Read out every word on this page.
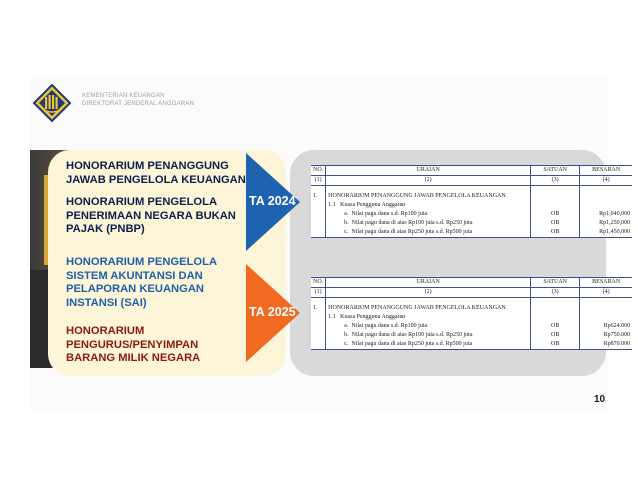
KEMENTERIAN KEUANGAN
DIREKTORAT JENDERAL ANGGARAN
HONORARIUM PENANGGUNG
JAWAB PENGELOLA KEUANGAN
HONORARIUM PENGELOLA
PENERIMAAN NEGARA BUKAN
PAJAK (PNBP)
HONORARIUM PENGELOLA
SISTEM AKUNTANSI DAN
PELAPORAN KEUANGAN
INSTANSI (SAI)
HONORARIUM
PENGURUS/PENYIMPAN
BARANG MILIK NEGARA
NO.	URAIAN	SATUAN	BESARAN
(1)	(2)	(3)	(4)

1.	HONORARIUM PENANGGUNG JAWAB PENGELOLA KEUANGAN		
	1.1 Kuasa Pengguna Anggaran		
	a. Nilai pagu dana s.d. Rp100 juta	OB	Rp1,040,000
	b. Nilai pagu dana di atas Rp100 juta s.d. Rp250 juta	OB	Rp1,250,000
	c. Nilai pagu dana di atas Rp250 juta s.d. Rp500 juta	OB	Rp1,450,000
NO.	URAIAN	SATUAN	BESARAN
(1)	(2)	(3)	(4)

1.	HONORARIUM PENANGGUNG JAWAB PENGELOLA KEUANGAN		
	1.1 Kuasa Pengguna Anggaran		
	a. Nilai pagu dana s.d. Rp100 juta	OB	Rp624.000
	b. Nilai pagu dana di atas Rp100 juta s.d. Rp250 juta	OB	Rp750.000
	c. Nilai pagu dana di atas Rp250 juta s.d. Rp500 juta	OB	Rp870.000
TA 2024
TA 2025
10
